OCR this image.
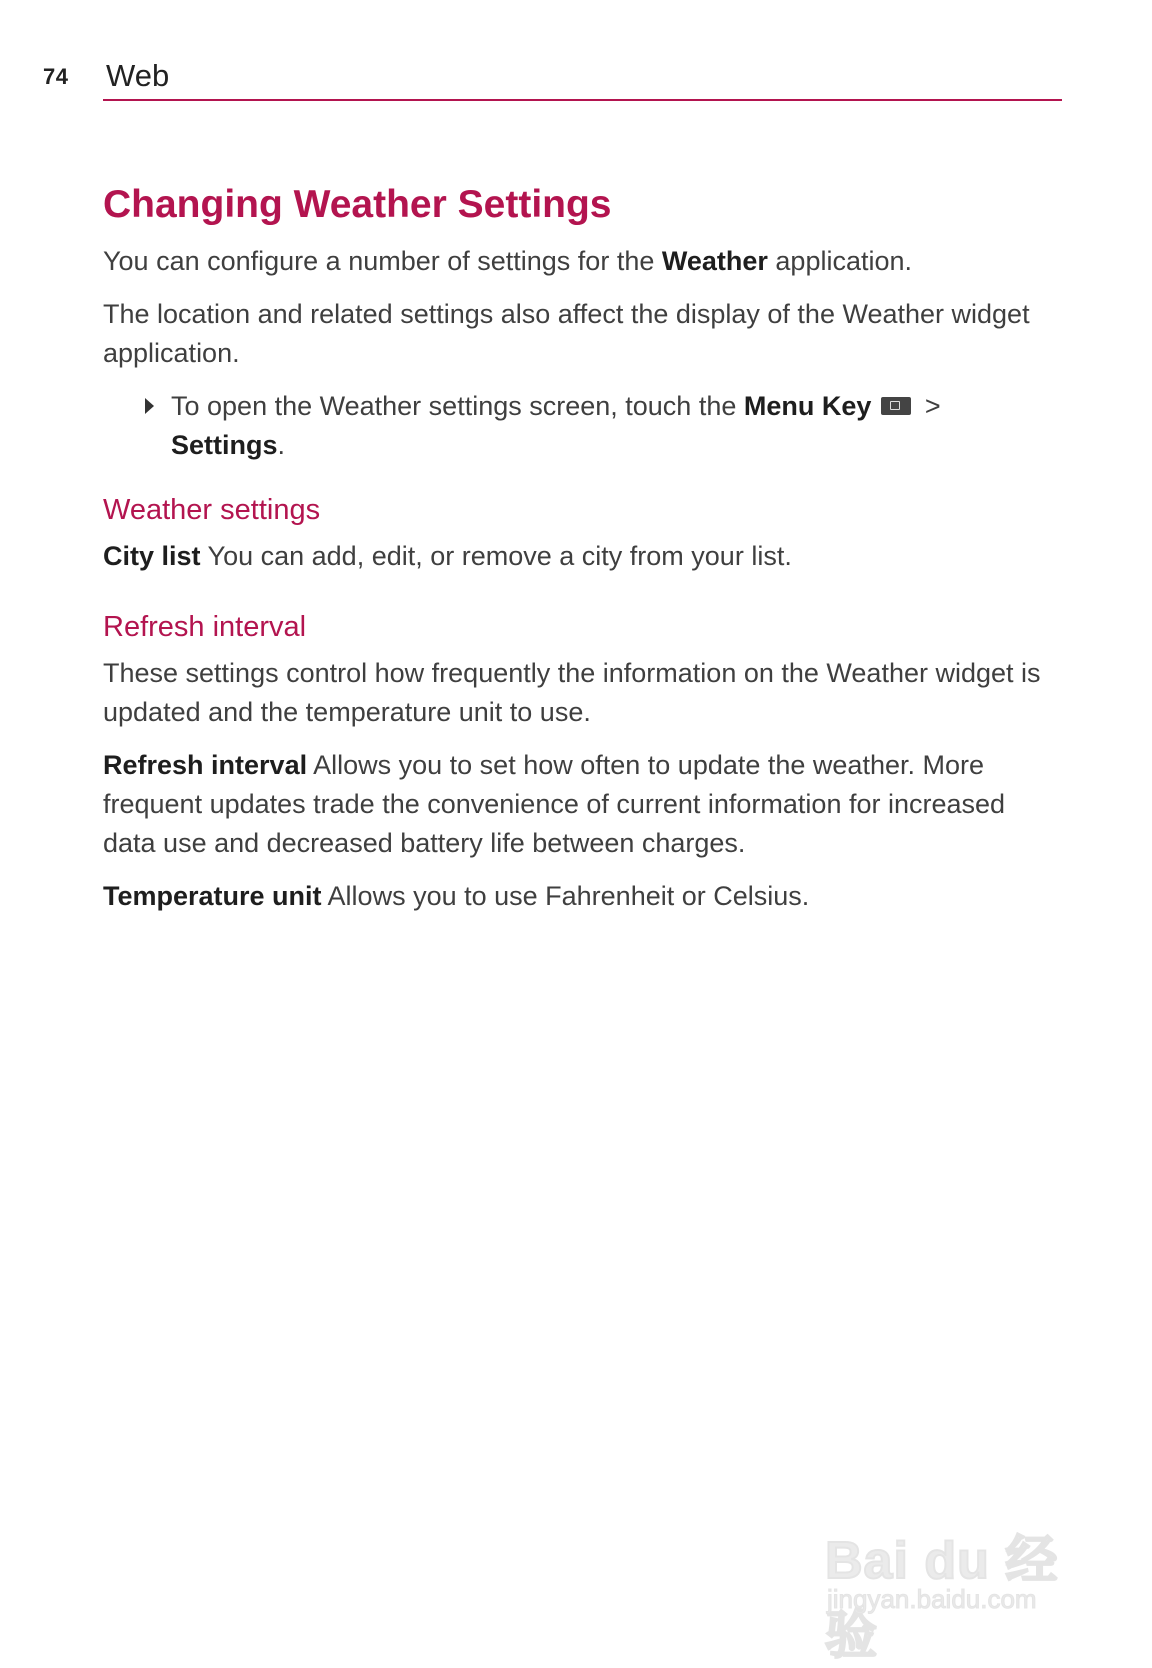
74 Web
Changing Weather Settings

You can configure a number of settings for the Weather application.

The location and related settings also affect the display of the Weather widget application.

To open the Weather settings screen, touch the Menu Key >
Settings.
Weather settings

City list You can add, edit, or remove a city from your list.

Refresh interval

These settings control how frequently the information on the Weather widget is updated and the temperature unit to use.

Refresh interval Allows you to set how often to update the weather. More frequent updates trade the convenience of current information for increased data use and decreased battery life between charges.

Temperature unit Allows you to use Fahrenheit or Celsius.

Bai du 经验
jingyan.baidu.com
